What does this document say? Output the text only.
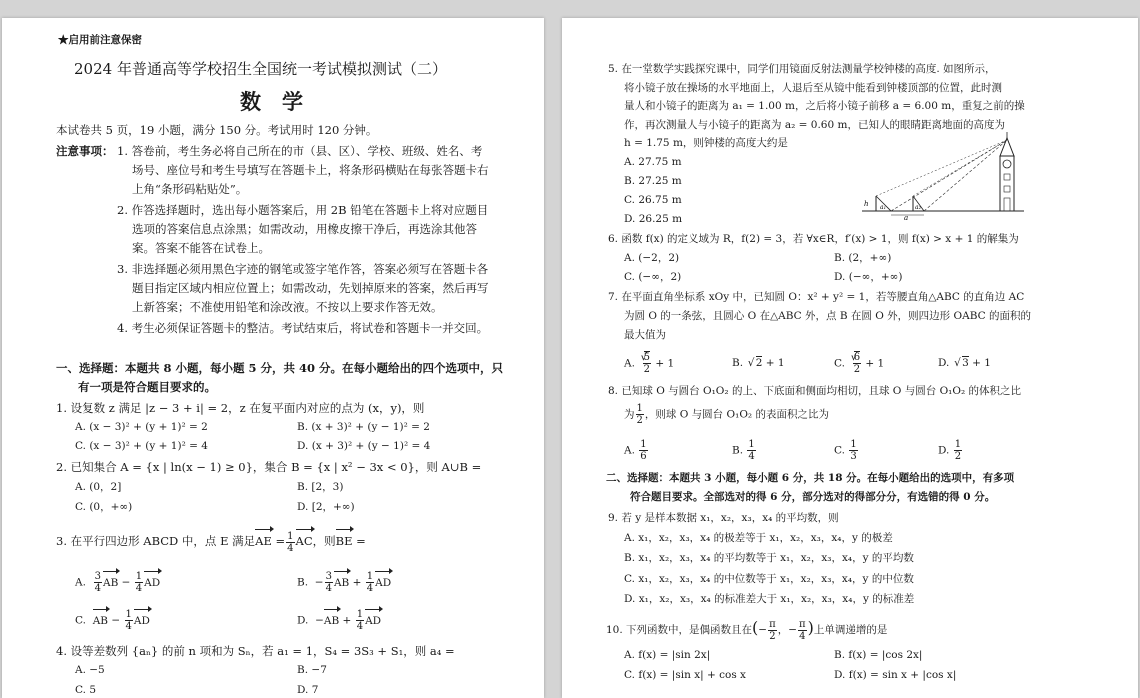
★启用前注意保密
2024 年普通高等学校招生全国统一考试模拟测试（二）
数　学
本试卷共 5 页，19 小题，满分 150 分。考试用时 120 分钟。
注意事项： 1. 答卷前，考生务必将自己所在的市（县、区）、学校、班级、姓名、考
场号、座位号和考生号填写在答题卡上，将条形码横贴在每张答题卡右
上角“条形码粘贴处”。
2. 作答选择题时，选出每小题答案后，用 2B 铅笔在答题卡上将对应题目
选项的答案信息点涂黑；如需改动，用橡皮擦干净后，再选涂其他答
案。答案不能答在试卷上。
3. 非选择题必须用黑色字迹的钢笔或签字笔作答，答案必须写在答题卡各
题目指定区域内相应位置上；如需改动，先划掉原来的答案，然后再写
上新答案；不准使用铅笔和涂改液。不按以上要求作答无效。
4. 考生必须保证答题卡的整洁。考试结束后，将试卷和答题卡一并交回。
一、选择题：本题共 8 小题，每小题 5 分，共 40 分。在每小题给出的四个选项中，只
有一项是符合题目要求的。
1. 设复数 z 满足 |z − 3 + i| = 2，z 在复平面内对应的点为 (x，y)，则
A. (x − 3)² + (y + 1)² = 2	B. (x + 3)² + (y − 1)² = 2
C. (x − 3)² + (y + 1)² = 4	D. (x + 3)² + (y − 1)² = 4
2. 已知集合 A = {x | ln(x − 1) ≥ 0}，集合 B = {x | x² − 3x < 0}，则 A∪B =
A. (0，2]	B. [2，3)
C. (0，+∞)	D. [2，+∞)
3. 在平行四边形 ABCD 中，点 E 满足AE = $\frac{1}{4}$ AC，则BE =
A. $\frac{3}{4}$ AB − $\frac{1}{4}$ AD	B. − $\frac{3}{4}$ AB + $\frac{1}{4}$ AD
C. AB − $\frac{1}{4}$ AD	D. $-AB + \frac{1}{4}$ AD
4. 设等差数列 {aₙ} 的前 n 项和为 Sₙ，若 a₁ = 1，S₄ = 3S₃ + S₁，则 a₄ =
A. −5	B. −7
C. 5	D. 7
5. 在一堂数学实践探究课中，同学们用镜面反射法测量学校钟楼的高度. 如图所示，
将小镜子放在操场的水平地面上，人退后至从镜中能看到钟楼顶部的位置，此时测
量人和小镜子的距离为 a₁ = 1.00 m，之后将小镜子前移 a = 6.00 m，重复之前的操
作，再次测量人与小镜子的距离为 a₂ = 0.60 m，已知人的眼睛距离地面的高度为
h = 1.75 m，则钟楼的高度大约是
A. 27.75 m
B. 27.25 m
C. 26.75 m
D. 26.25 m
h a₁	a₂
a
6. 函数 f(x) 的定义域为 R，f(2) = 3，若 ∀x∈R，f′(x) > 1，则 f(x) > x + 1 的解集为
A. (−2，2)	B. (2，+∞)
C. (−∞，2)	D. (−∞，+∞)
7. 在平面直角坐标系 xOy 中，已知圆 O：x² + y² = 1，若等腰直角△ABC 的直角边 AC
为圆 O 的一条弦，且圆心 O 在△ABC 外，点 B 在圆 O 外，则四边形 OABC 的面积的
最大值为
A. √ $\frac{5}{2} + 1$	B. √ 2 + 1	C. √ $\frac{6}{2} + 1$	D. √ 3 + 1
8. 已知球 O 与圆台 O₁O₂ 的上、下底面和侧面均相切，且球 O 与圆台 O₁O₂ 的体积之比
为 $\frac{1}{2}$ ，则球 O 与圆台 O₁O₂ 的表面积之比为
A. $\frac{1}{6}$	B. $\frac{1}{4}$	C. $\frac{1}{3}$	D. $\frac{1}{2}$
二、选择题：本题共 3 小题，每小题 6 分，共 18 分。在每小题给出的选项中，有多项
符合题目要求。全部选对的得 6 分，部分选对的得部分分，有选错的得 0 分。
9. 若 y 是样本数据 x₁，x₂，x₃，x₄ 的平均数，则
A. x₁，x₂，x₃，x₄ 的极差等于 x₁，x₂，x₃，x₄，y 的极差
B. x₁，x₂，x₃，x₄ 的平均数等于 x₁，x₂，x₃，x₄，y 的平均数
C. x₁，x₂，x₃，x₄ 的中位数等于 x₁，x₂，x₃，x₄，y 的中位数
D. x₁，x₂，x₃，x₄ 的标准差大于 x₁，x₂，x₃，x₄，y 的标准差
10. 下列函数中，是偶函数且在(− $\frac{\pi}{2}$ ，− $\frac{\pi}{4}$ )上单调递增的是
A. f(x) = |sin 2x|	B. f(x) = |cos 2x|
C. f(x) = |sin x| + cos x	D. f(x) = sin x + |cos x|
